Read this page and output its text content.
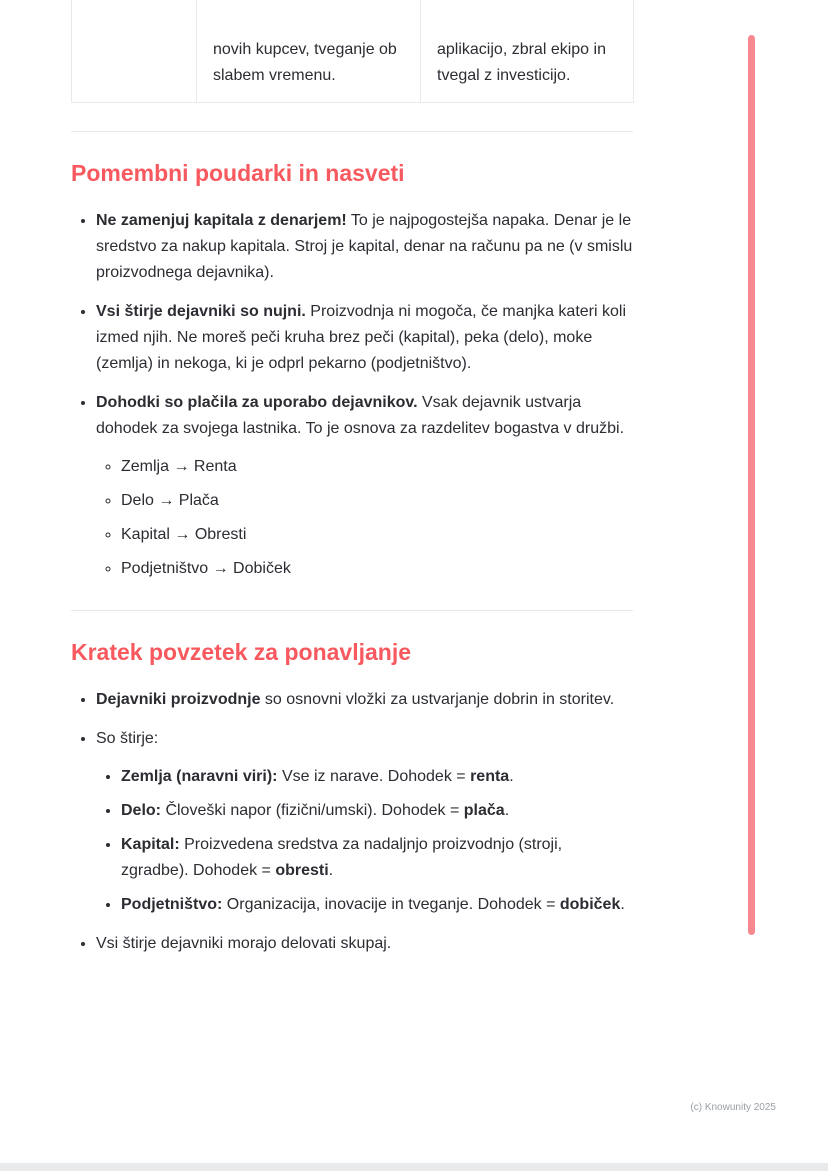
	novih kupcev, tveganje ob slabem vremenu.	aplikacijo, zbral ekipo in tvegal z investicijo.
Pomembni poudarki in nasveti
• Ne zamenjuj kapitala z denarjem! To je najpogostejša napaka. Denar je le sredstvo za nakup kapitala. Stroj je kapital, denar na računu pa ne (v smislu proizvodnega dejavnika).
• Vsi štirje dejavniki so nujni. Proizvodnja ni mogoča, če manjka kateri koli izmed njih. Ne moreš peči kruha brez peči (kapital), peka (delo), moke (zemlja) in nekoga, ki je odprl pekarno (podjetništvo).
• Dohodki so plačila za uporabo dejavnikov. Vsak dejavnik ustvarja dohodek za svojega lastnika. To je osnova za razdelitev bogastva v družbi.
◦ Zemlja → Renta
◦ Delo → Plača
◦ Kapital → Obresti
◦ Podjetništvo → Dobiček
Kratek povzetek za ponavljanje
• Dejavniki proizvodnje so osnovni vložki za ustvarjanje dobrin in storitev.
• So štirje:
• Zemlja (naravni viri): Vse iz narave. Dohodek = renta.
• Delo: Človeški napor (fizični/umski). Dohodek = plača.
• Kapital: Proizvedena sredstva za nadaljnjo proizvodnjo (stroji, zgradbe). Dohodek = obresti.
• Podjetništvo: Organizacija, inovacije in tveganje. Dohodek = dobiček.
• Vsi štirje dejavniki morajo delovati skupaj.
(c) Knowunity 2025
